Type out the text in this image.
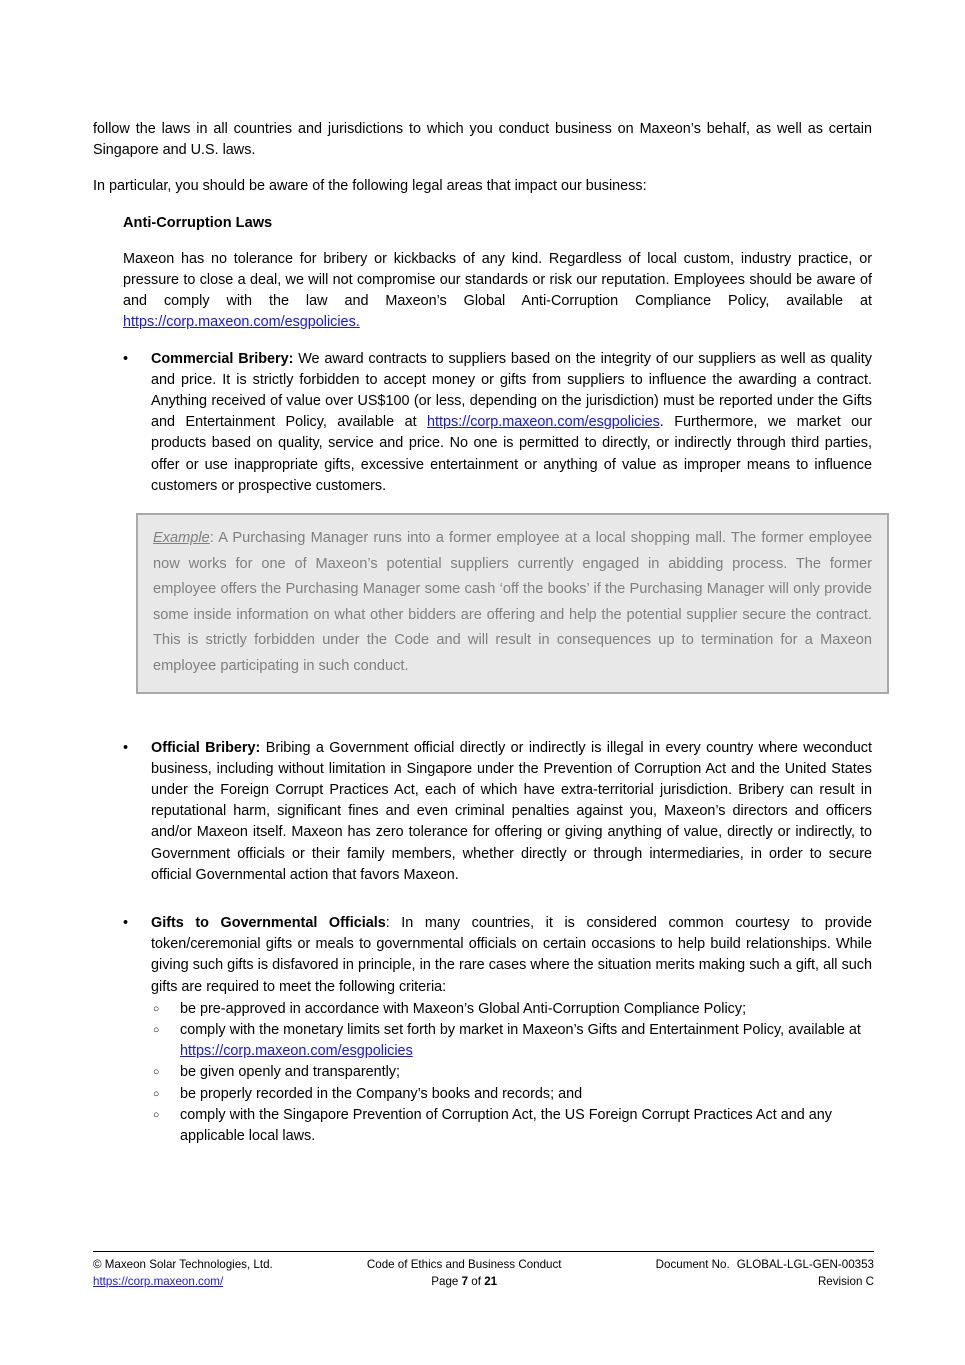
follow the laws in all countries and jurisdictions to which you conduct business on Maxeon’s behalf, as well as certain Singapore and U.S. laws.

In particular, you should be aware of the following legal areas that impact our business:

Anti-Corruption Laws

Maxeon has no tolerance for bribery or kickbacks of any kind. Regardless of local custom, industry practice, or pressure to close a deal, we will not compromise our standards or risk our reputation. Employees should be aware of and comply with the law and Maxeon’s Global Anti-Corruption Compliance Policy, available at https://corp.maxeon.com/esgpolicies.

•	Commercial Bribery: We award contracts to suppliers based on the integrity of our suppliers as well as quality and price. It is strictly forbidden to accept money or gifts from suppliers to influence the awarding a contract. Anything received of value over US$100 (or less, depending on the jurisdiction) must be reported under the Gifts and Entertainment Policy, available at https://corp.maxeon.com/esgpolicies. Furthermore, we market our products based on quality, service and price. No one is permitted to directly, or indirectly through third parties, offer or use inappropriate gifts, excessive entertainment or anything of value as improper means to influence customers or prospective customers.
Example: A Purchasing Manager runs into a former employee at a local shopping mall. The former employee now works for one of Maxeon’s potential suppliers currently engaged in abidding process. The former employee offers the Purchasing Manager some cash ‘off the books’ if the Purchasing Manager will only provide some inside information on what other bidders are offering and help the potential supplier secure the contract. This is strictly forbidden under the Code and will result in consequences up to termination for a Maxeon employee participating in such conduct.
•	Official Bribery: Bribing a Government official directly or indirectly is illegal in every country where weconduct business, including without limitation in Singapore under the Prevention of Corruption Act and the United States under the Foreign Corrupt Practices Act, each of which have extra-territorial jurisdiction. Bribery can result in reputational harm, significant fines and even criminal penalties against you, Maxeon’s directors and officers and/or Maxeon itself. Maxeon has zero tolerance for offering or giving anything of value, directly or indirectly, to Government officials or their family members, whether directly or through intermediaries, in order to secure official Governmental action that favors Maxeon.
•	Gifts to Governmental Officials: In many countries, it is considered common courtesy to provide token/ceremonial gifts or meals to governmental officials on certain occasions to help build relationships. While giving such gifts is disfavored in principle, in the rare cases where the situation merits making such a gift, all such gifts are required to meet the following criteria:
○	be pre-approved in accordance with Maxeon’s Global Anti-Corruption Compliance Policy;
○	comply with the monetary limits set forth by market in Maxeon’s Gifts and Entertainment Policy, available at https://corp.maxeon.com/esgpolicies
○	be given openly and transparently;
○	be properly recorded in the Company’s books and records; and
○	comply with the Singapore Prevention of Corruption Act, the US Foreign Corrupt Practices Act and any applicable local laws.
© Maxeon Solar Technologies, Ltd.
https://corp.maxeon.com/
Code of Ethics and Business Conduct
Page 7 of 21
Document No. GLOBAL-LGL-GEN-00353
Revision C
